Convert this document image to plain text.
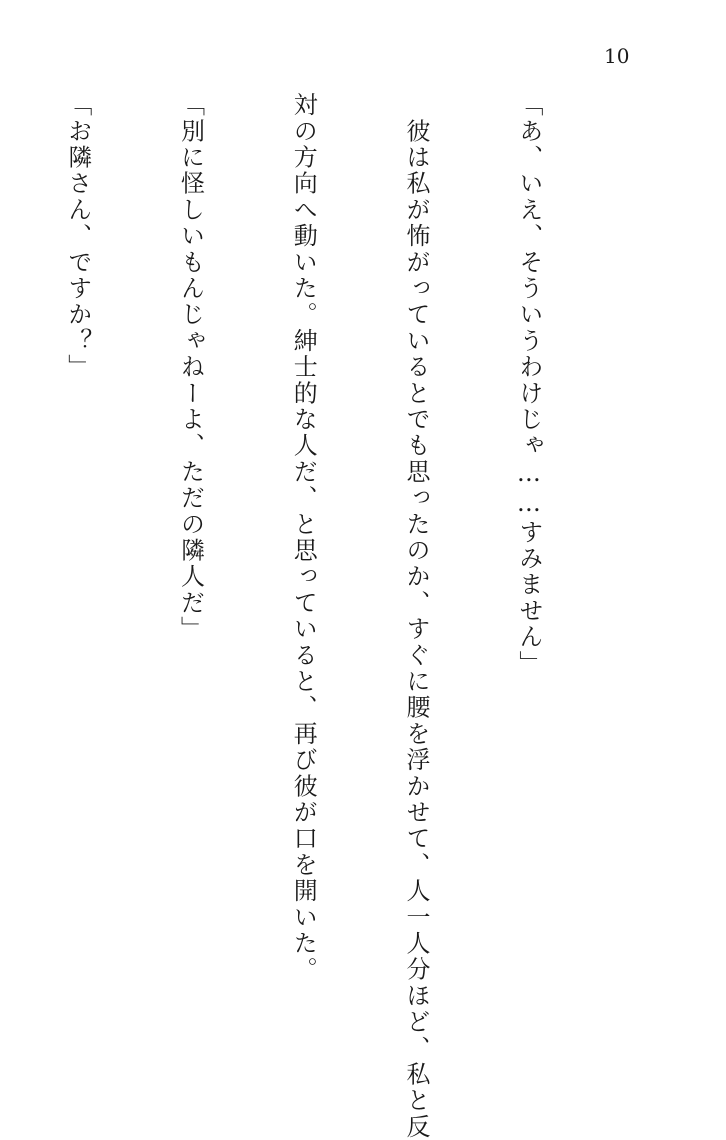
10

「あ、いえ、そういうわけじゃ……すみません」

　彼は私が怖がっているとでも思ったのか、すぐに腰を浮かせて、人一人分ほど、私と反

対の方向へ動いた。紳士的な人だ、と思っていると、再び彼が口を開いた。

「別に怪しいもんじゃねーよ、ただの隣人だ」

「お隣さん、ですか？」
